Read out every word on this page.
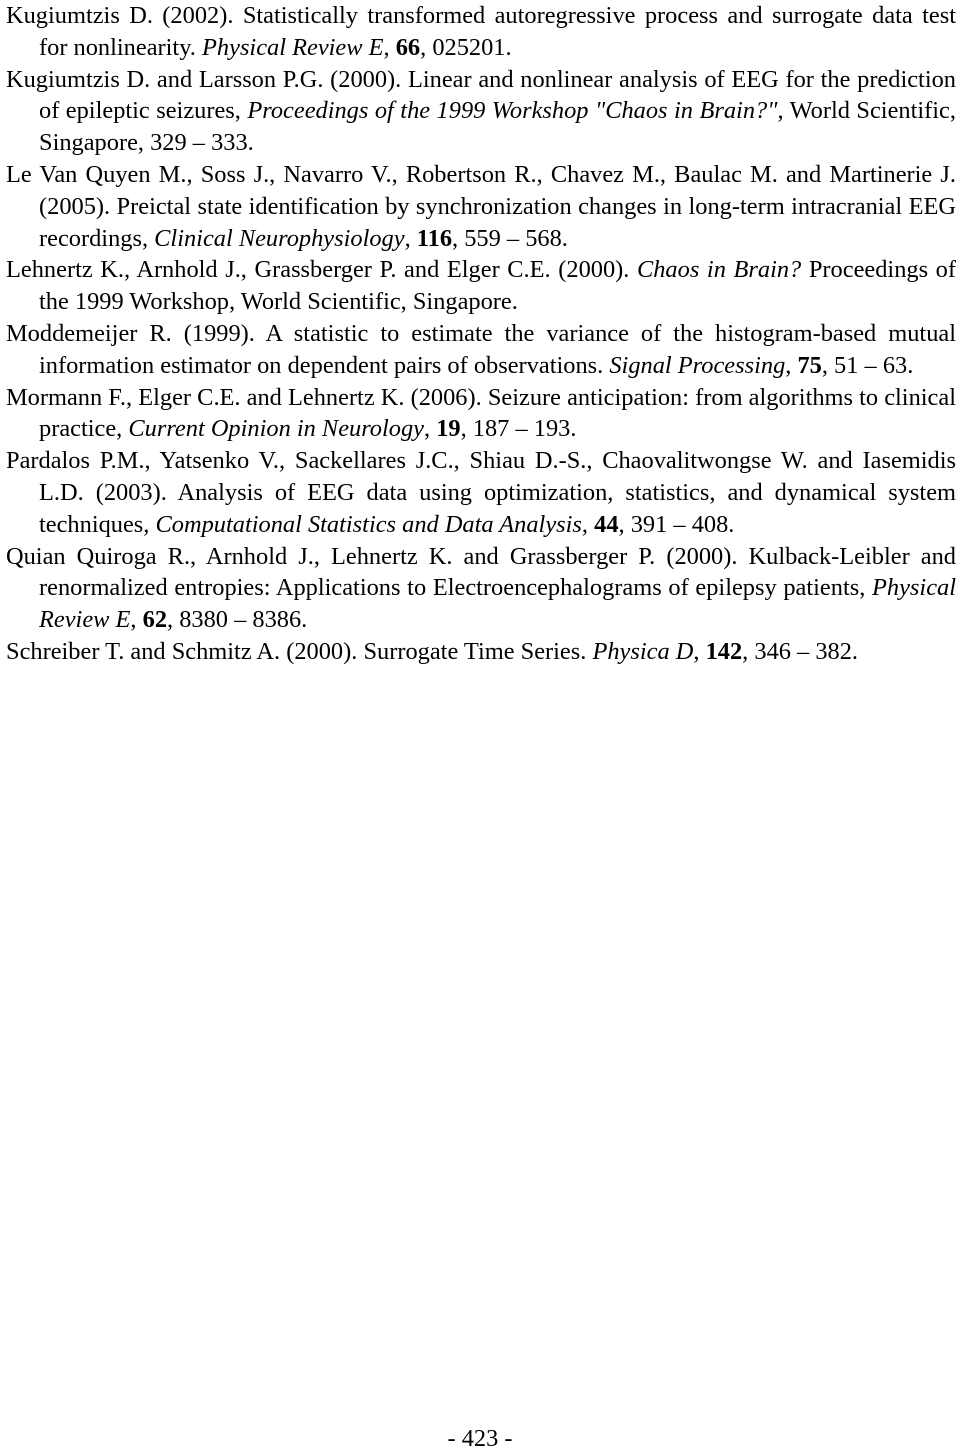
Kugiumtzis D. (2002). Statistically transformed autoregressive process and surrogate data test for nonlinearity. Physical Review E, 66, 025201.
Kugiumtzis D. and Larsson P.G. (2000). Linear and nonlinear analysis of EEG for the prediction of epileptic seizures, Proceedings of the 1999 Workshop "Chaos in Brain?", World Scientific, Singapore, 329 – 333.
Le Van Quyen M., Soss J., Navarro V., Robertson R., Chavez M., Baulac M. and Martinerie J. (2005). Preictal state identification by synchronization changes in long-term intracranial EEG recordings, Clinical Neurophysiology, 116, 559 – 568.
Lehnertz K., Arnhold J., Grassberger P. and Elger C.E. (2000). Chaos in Brain? Proceedings of the 1999 Workshop, World Scientific, Singapore.
Moddemeijer R. (1999). A statistic to estimate the variance of the histogram-based mutual information estimator on dependent pairs of observations. Signal Processing, 75, 51 – 63.
Mormann F., Elger C.E. and Lehnertz K. (2006). Seizure anticipation: from algorithms to clinical practice, Current Opinion in Neurology, 19, 187 – 193.
Pardalos P.M., Yatsenko V., Sackellares J.C., Shiau D.-S., Chaovalitwongse W. and Iasemidis L.D. (2003). Analysis of EEG data using optimization, statistics, and dynamical system techniques, Computational Statistics and Data Analysis, 44, 391 – 408.
Quian Quiroga R., Arnhold J., Lehnertz K. and Grassberger P. (2000). Kulback-Leibler and renormalized entropies: Applications to Electroencephalograms of epilepsy patients, Physical Review E, 62, 8380 – 8386.
Schreiber T. and Schmitz A. (2000). Surrogate Time Series. Physica D, 142, 346 – 382.
- 423 -
